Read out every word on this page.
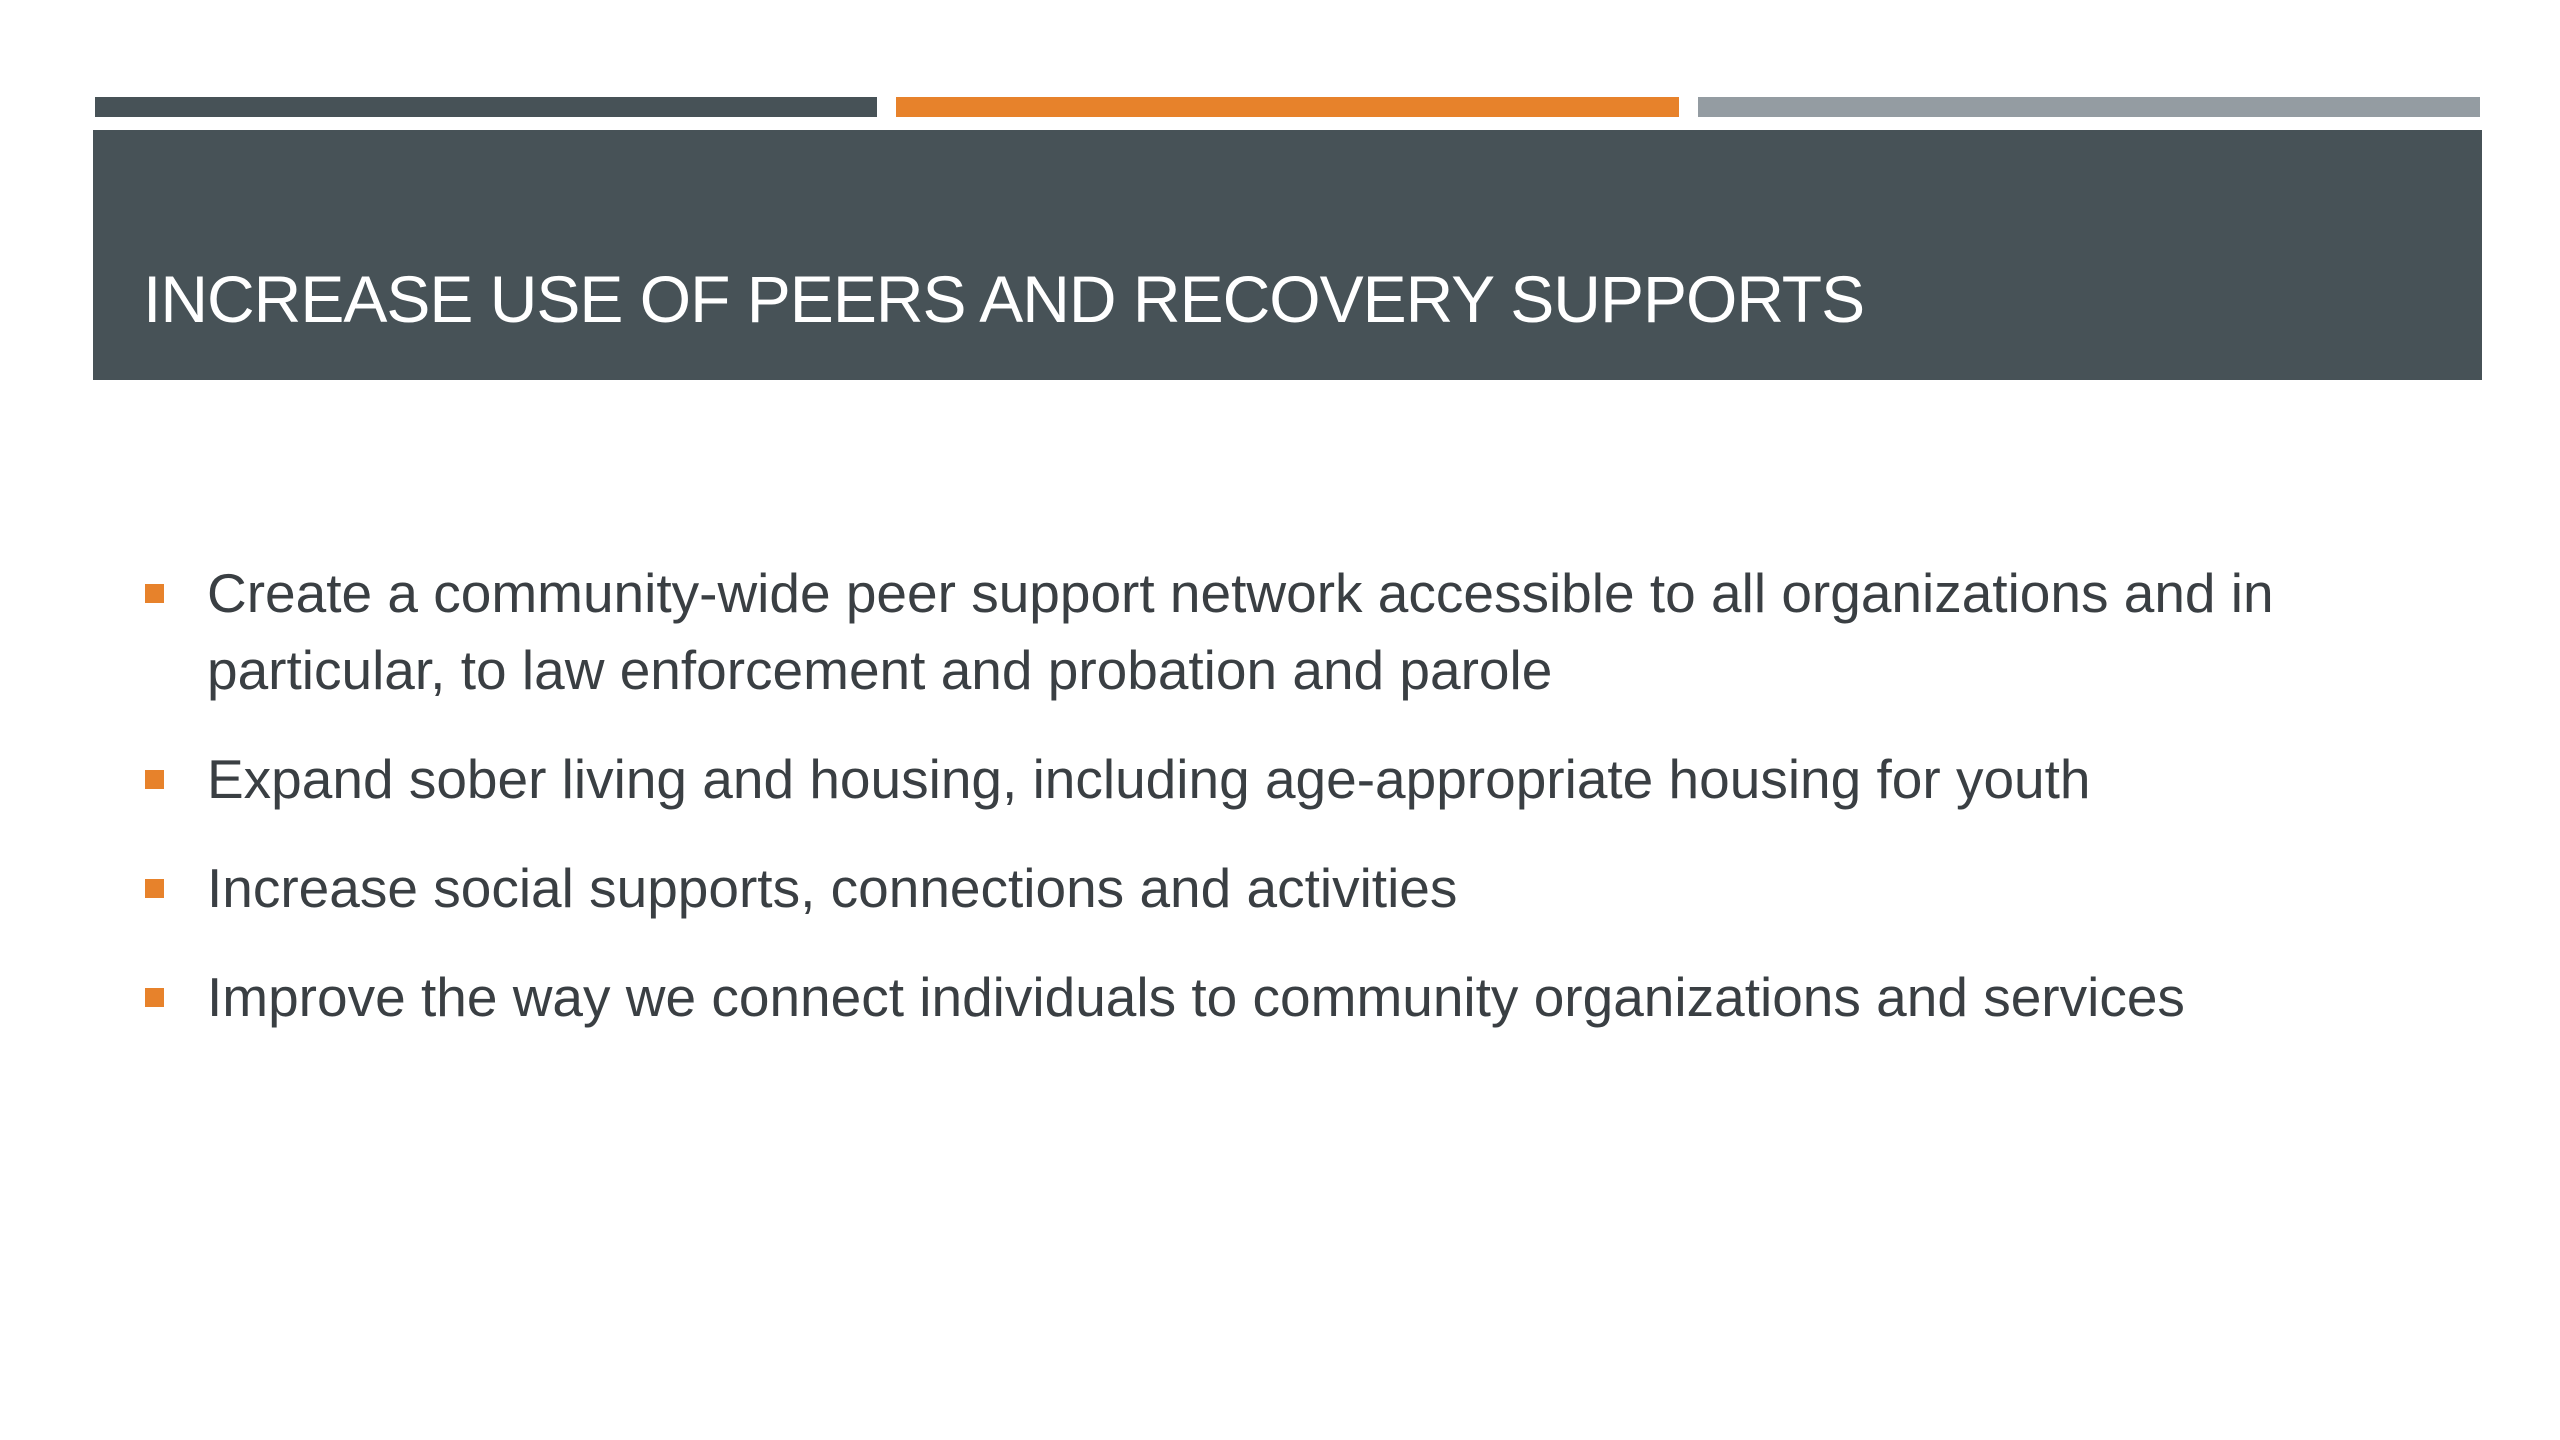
INCREASE USE OF PEERS AND RECOVERY SUPPORTS
Create a community-wide peer support network accessible to all organizations and in particular, to law enforcement and probation and parole
Expand sober living and housing, including age-appropriate housing for youth
Increase social supports, connections and activities
Improve the way we connect individuals to community organizations and services
